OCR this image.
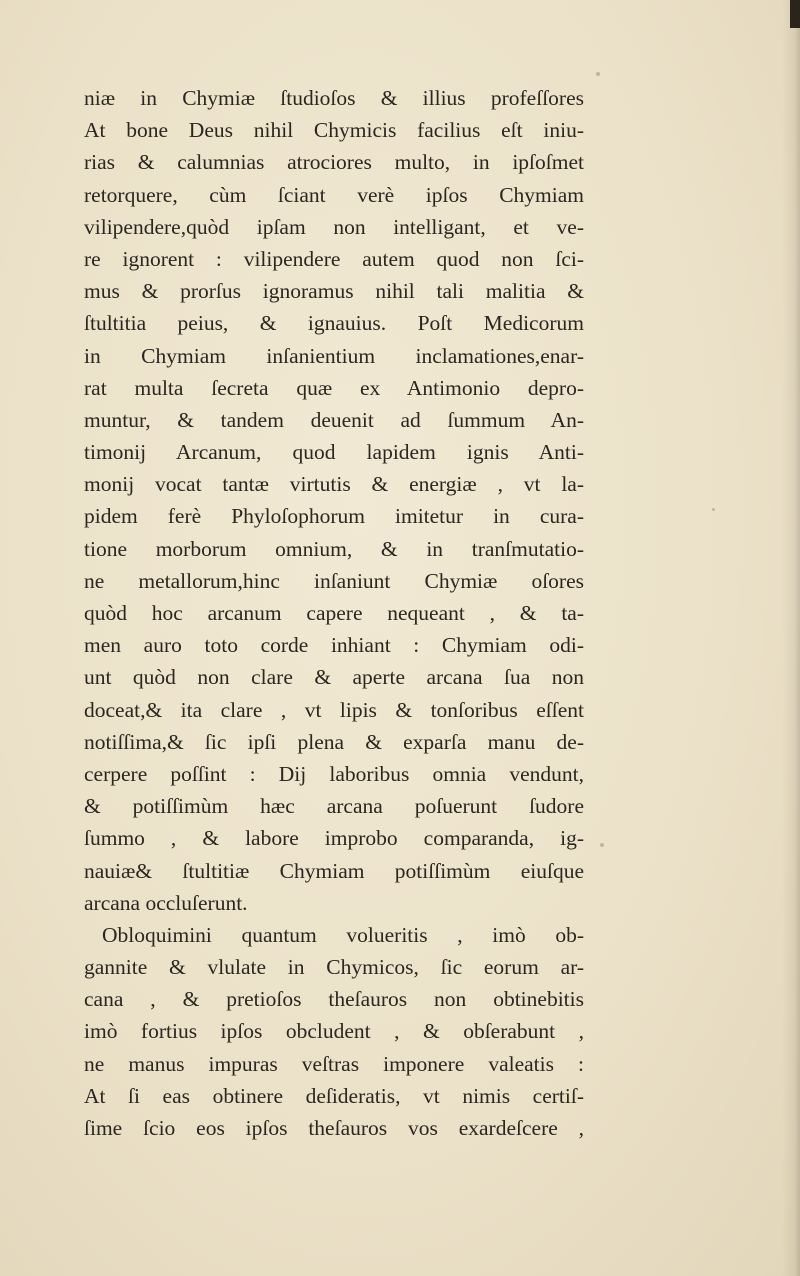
niæ in Chymiæ ſtudioſos & illius profeſſores
At bone Deus nihil Chymicis facilius eſt iniu-
rias & calumnias atrociores multo, in ipſoſmet
retorquere, cùm ſciant verè ipſos Chymiam
vilipendere,quòd ipſam non intelligant, et ve-
re ignorent : vilipendere autem quod non ſci-
mus & prorſus ignoramus nihil tali malitia &
ſtultitia peius, & ignauius. Poſt Medicorum
in Chymiam inſanientium inclamationes,enar-
rat multa ſecreta quæ ex Antimonio depro-
muntur, & tandem deuenit ad ſummum An-
timonij Arcanum, quod lapidem ignis Anti-
monij vocat tantæ virtutis & energiæ , vt la-
pidem ferè Phyloſophorum imitetur in cura-
tione morborum omnium, & in tranſmutatio-
ne metallorum,hinc inſaniunt Chymiæ oſores
quòd hoc arcanum capere nequeant , & ta-
men auro toto corde inhiant : Chymiam odi-
unt quòd non clare & aperte arcana ſua non
doceat,& ita clare , vt lipis & tonſoribus eſſent
notiſſima,& ſic ipſi plena & exparſa manu de-
cerpere poſſint : Dij laboribus omnia vendunt,
& potiſſimùm hæc arcana poſuerunt ſudore
ſummo , & labore improbo comparanda, ig-
nauiæ& ſtultitiæ Chymiam potiſſimùm eiuſque
arcana occluſerunt.
Obloquimini quantum volueritis , imò ob-
gannite & vlulate in Chymicos, ſic eorum ar-
cana , & pretioſos theſauros non obtinebitis
imò fortius ipſos obcludent , & obſerabunt ,
ne manus impuras veſtras imponere valeatis :
At ſi eas obtinere deſideratis, vt nimis certiſ-
ſime ſcio eos ipſos theſauros vos exardeſcere ,
